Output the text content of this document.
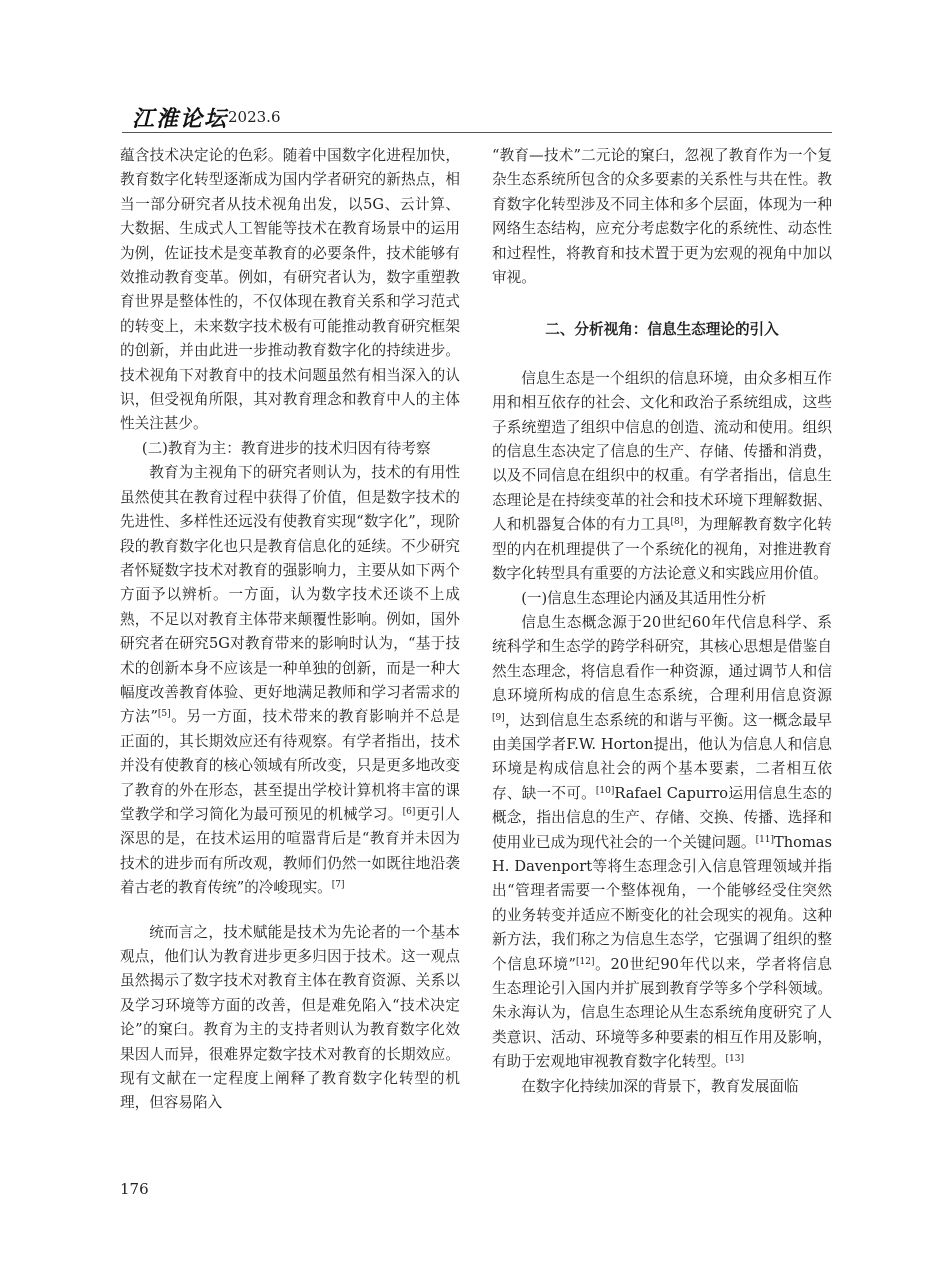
江淮论坛 2023.6

蕴含技术决定论的色彩。随着中国数字化进程加快，教育数字化转型逐渐成为国内学者研究的新热点，相当一部分研究者从技术视角出发，以5G、云计算、大数据、生成式人工智能等技术在教育场景中的运用为例，佐证技术是变革教育的必要条件，技术能够有效推动教育变革。例如，有研究者认为，数字重塑教育世界是整体性的，不仅体现在教育关系和学习范式的转变上，未来数字技术极有可能推动教育研究框架的创新，并由此进一步推动教育数字化的持续进步。技术视角下对教育中的技术问题虽然有相当深入的认识，但受视角所限，其对教育理念和教育中人的主体性关注甚少。

(二)教育为主：教育进步的技术归因有待考察

教育为主视角下的研究者则认为，技术的有用性虽然使其在教育过程中获得了价值，但是数字技术的先进性、多样性还远没有使教育实现“数字化”，现阶段的教育数字化也只是教育信息化的延续。不少研究者怀疑数字技术对教育的强影响力，主要从如下两个方面予以辨析。一方面，认为数字技术还谈不上成熟，不足以对教育主体带来颠覆性影响。例如，国外研究者在研究5G对教育带来的影响时认为，“基于技术的创新本身不应该是一种单独的创新，而是一种大幅度改善教育体验、更好地满足教师和学习者需求的方法”[5]。另一方面，技术带来的教育影响并不总是正面的，其长期效应还有待观察。有学者指出，技术并没有使教育的核心领域有所改变，只是更多地改变了教育的外在形态，甚至提出学校计算机将丰富的课堂教学和学习简化为最可预见的机械学习。[6]更引人深思的是，在技术运用的喧嚣背后是“教育并未因为技术的进步而有所改观，教师们仍然一如既往地沿袭着古老的教育传统”的冷峻现实。[7]

统而言之，技术赋能是技术为先论者的一个基本观点，他们认为教育进步更多归因于技术。这一观点虽然揭示了数字技术对教育主体在教育资源、关系以及学习环境等方面的改善，但是难免陷入“技术决定论”的窠臼。教育为主的支持者则认为教育数字化效果因人而异，很难界定数字技术对教育的长期效应。现有文献在一定程度上阐释了教育数字化转型的机理，但容易陷入

“教育—技术”二元论的窠臼，忽视了教育作为一个复杂生态系统所包含的众多要素的关系性与共在性。教育数字化转型涉及不同主体和多个层面，体现为一种网络生态结构，应充分考虑数字化的系统性、动态性和过程性，将教育和技术置于更为宏观的视角中加以审视。

二、分析视角：信息生态理论的引入

信息生态是一个组织的信息环境，由众多相互作用和相互依存的社会、文化和政治子系统组成，这些子系统塑造了组织中信息的创造、流动和使用。组织的信息生态决定了信息的生产、存储、传播和消费，以及不同信息在组织中的权重。有学者指出，信息生态理论是在持续变革的社会和技术环境下理解数据、人和机器复合体的有力工具[8]，为理解教育数字化转型的内在机理提供了一个系统化的视角，对推进教育数字化转型具有重要的方法论意义和实践应用价值。

(一)信息生态理论内涵及其适用性分析

信息生态概念源于20世纪60年代信息科学、系统科学和生态学的跨学科研究，其核心思想是借鉴自然生态理念，将信息看作一种资源，通过调节人和信息环境所构成的信息生态系统，合理利用信息资源[9]，达到信息生态系统的和谐与平衡。这一概念最早由美国学者F.W. Horton提出，他认为信息人和信息环境是构成信息社会的两个基本要素，二者相互依存、缺一不可。[10]Rafael Capurro运用信息生态的概念，指出信息的生产、存储、交换、传播、选择和使用业已成为现代社会的一个关键问题。[11]Thomas H. Davenport等将生态理念引入信息管理领域并指出“管理者需要一个整体视角，一个能够经受住突然的业务转变并适应不断变化的社会现实的视角。这种新方法，我们称之为信息生态学，它强调了组织的整个信息环境”[12]。20世纪90年代以来，学者将信息生态理论引入国内并扩展到教育学等多个学科领域。朱永海认为，信息生态理论从生态系统角度研究了人类意识、活动、环境等多种要素的相互作用及影响，有助于宏观地审视教育数字化转型。[13]

在数字化持续加深的背景下，教育发展面临

176
